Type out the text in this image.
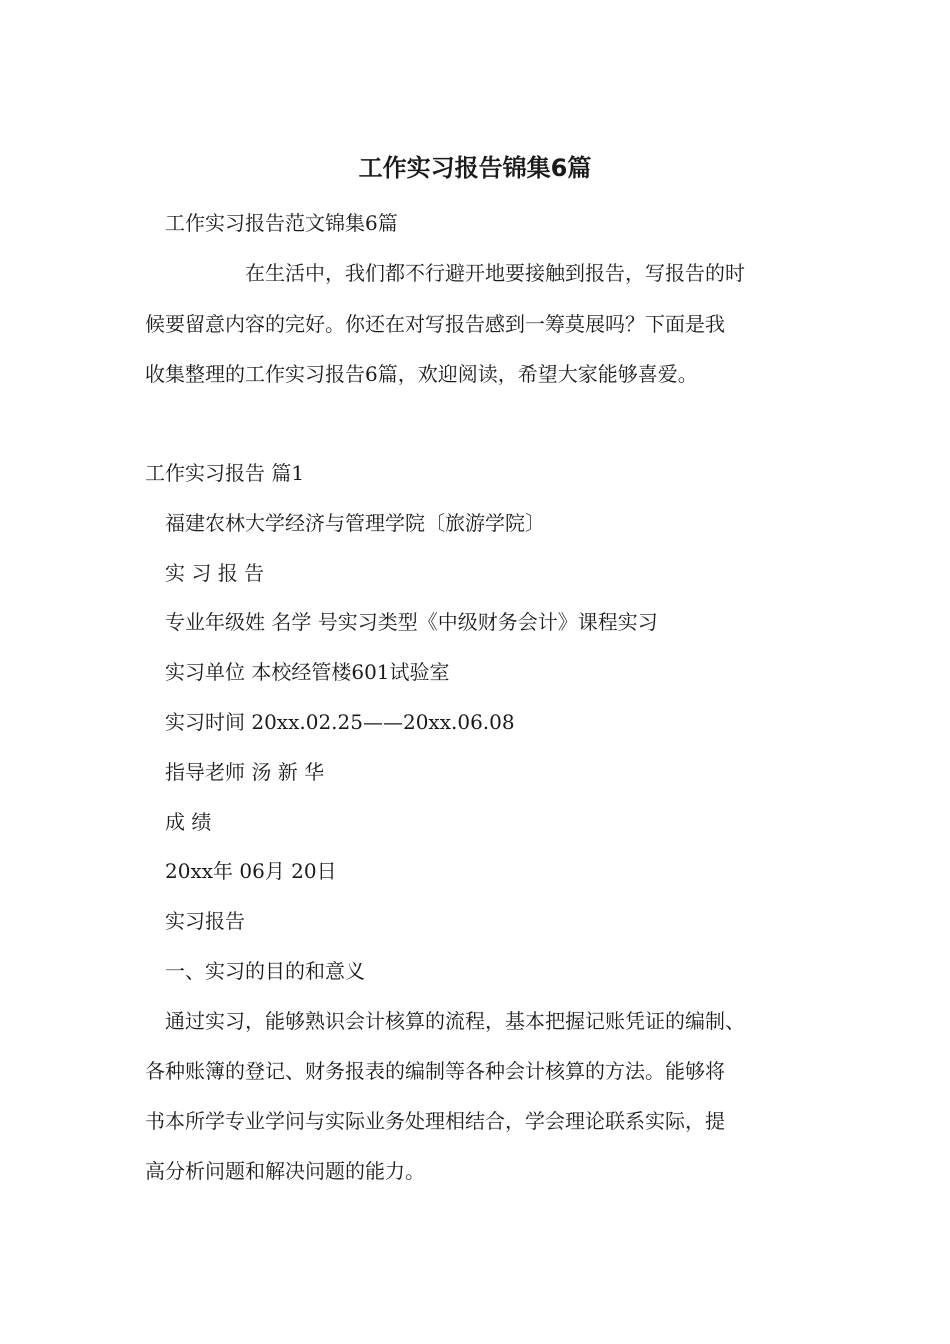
工作实习报告锦集6篇
工作实习报告范文锦集6篇
在生活中，我们都不行避开地要接触到报告，写报告的时
候要留意内容的完好。你还在对写报告感到一筹莫展吗？下面是我
收集整理的工作实习报告6篇，欢迎阅读，希望大家能够喜爱。
工作实习报告 篇1
福建农林大学经济与管理学院〔旅游学院〕
实 习 报 告
专业年级姓 名学 号实习类型《中级财务会计》课程实习
实习单位 本校经管楼601试验室
实习时间 20xx.02.25——20xx.06.08
指导老师 汤 新 华
成 绩
20xx年 06月 20日
实习报告
一、实习的目的和意义
通过实习，能够熟识会计核算的流程，基本把握记账凭证的编制、
各种账簿的登记、财务报表的编制等各种会计核算的方法。能够将
书本所学专业学问与实际业务处理相结合，学会理论联系实际，提
高分析问题和解决问题的能力。
